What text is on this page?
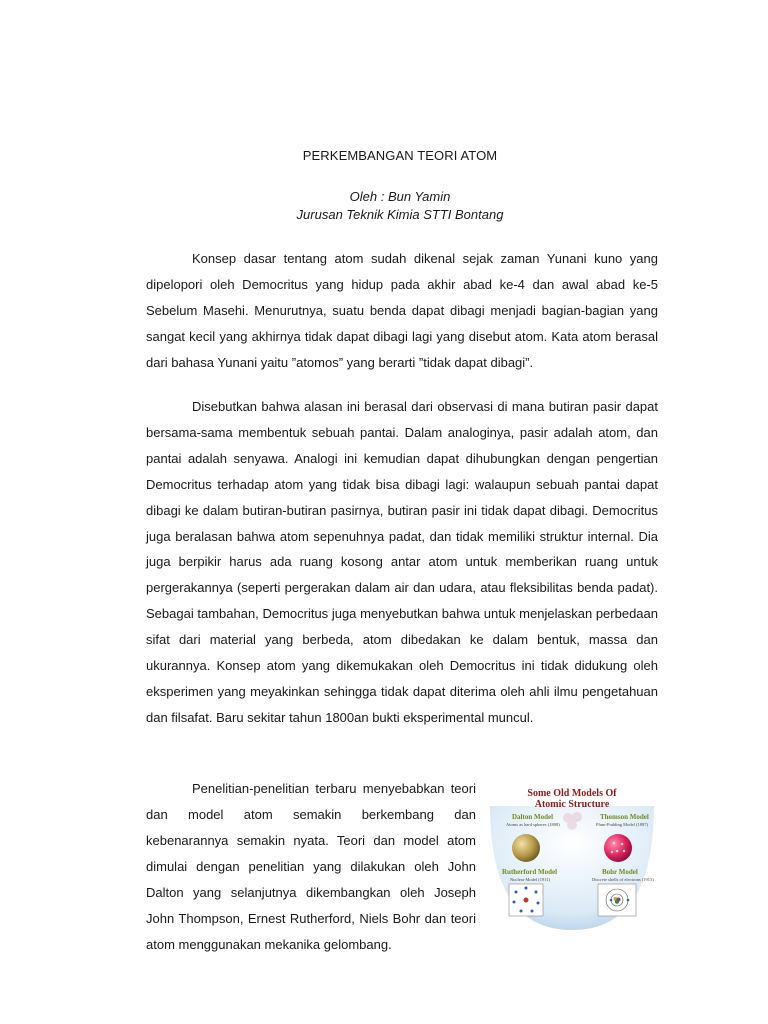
PERKEMBANGAN TEORI ATOM
Oleh : Bun Yamin
Jurusan Teknik Kimia STTI Bontang

Konsep dasar tentang atom sudah dikenal sejak zaman Yunani kuno yang dipelopori oleh Democritus yang hidup pada akhir abad ke-4 dan awal abad ke-5 Sebelum Masehi. Menurutnya, suatu benda dapat dibagi menjadi bagian-bagian yang sangat kecil yang akhirnya tidak dapat dibagi lagi yang disebut atom. Kata atom berasal dari bahasa Yunani yaitu ”atomos” yang berarti ”tidak dapat dibagi”.

Disebutkan bahwa alasan ini berasal dari observasi di mana butiran pasir dapat bersama-sama membentuk sebuah pantai. Dalam analoginya, pasir adalah atom, dan pantai adalah senyawa. Analogi ini kemudian dapat dihubungkan dengan pengertian Democritus terhadap atom yang tidak bisa dibagi lagi: walaupun sebuah pantai dapat dibagi ke dalam butiran-butiran pasirnya, butiran pasir ini tidak dapat dibagi. Democritus juga beralasan bahwa atom sepenuhnya padat, dan tidak memiliki struktur internal. Dia juga berpikir harus ada ruang kosong antar atom untuk memberikan ruang untuk pergerakannya (seperti pergerakan dalam air dan udara, atau fleksibilitas benda padat). Sebagai tambahan, Democritus juga menyebutkan bahwa untuk menjelaskan perbedaan sifat dari material yang berbeda, atom dibedakan ke dalam bentuk, massa dan ukurannya. Konsep atom yang dikemukakan oleh Democritus ini tidak didukung oleh eksperimen yang meyakinkan sehingga tidak dapat diterima oleh ahli ilmu pengetahuan dan filsafat. Baru sekitar tahun 1800an bukti eksperimental muncul.

Penelitian-penelitian terbaru menyebabkan teori dan model atom semakin berkembang dan kebenarannya semakin nyata. Teori dan model atom dimulai dengan penelitian yang dilakukan oleh John Dalton yang selanjutnya dikembangkan oleh Joseph John Thompson, Ernest Rutherford, Niels Bohr dan teori atom menggunakan mekanika gelombang.

Some Old Models Of
Atomic Structure
Dalton Model
Atoms as hard spheres (1808)
Thomson Model
Plum-Pudding Model (1897)
Rutherford Model
Nuclear Model (1911)
Bohr Model
Discrete shells of electrons (1913)
